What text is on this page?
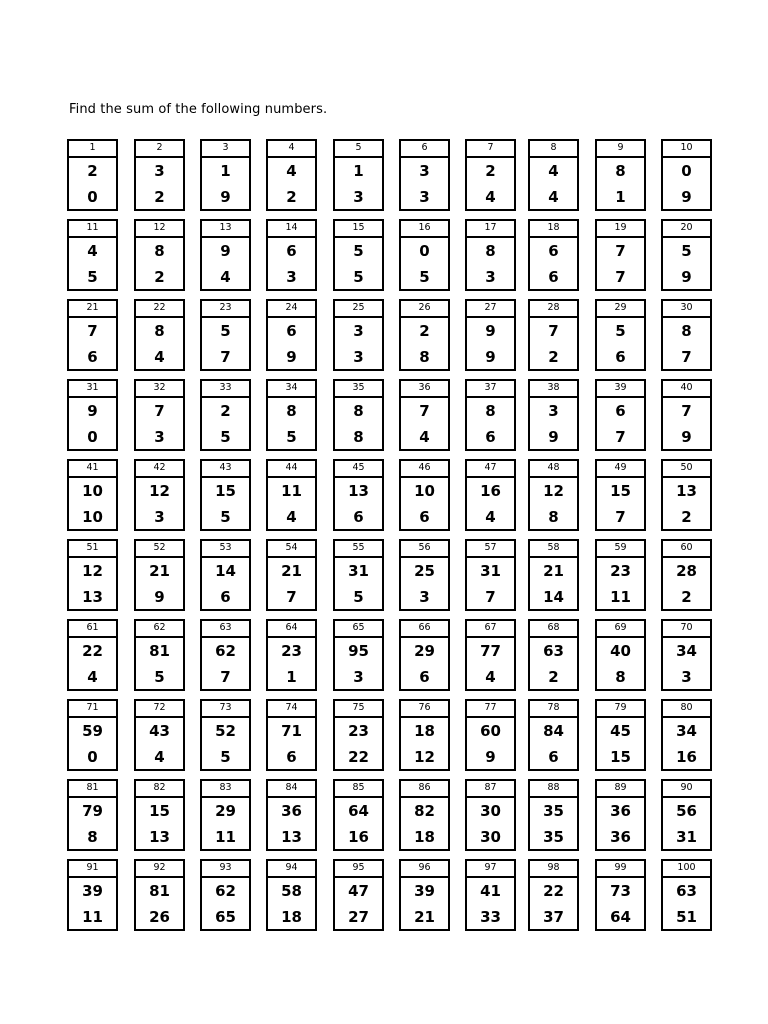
Find the sum of the following numbers.
1
2
0
2
3
2
3
1
9
4
4
2
5
1
3
6
3
3
7
2
4
8
4
4
9
8
1
10
0
9
11
4
5
12
8
2
13
9
4
14
6
3
15
5
5
16
0
5
17
8
3
18
6
6
19
7
7
20
5
9
21
7
6
22
8
4
23
5
7
24
6
9
25
3
3
26
2
8
27
9
9
28
7
2
29
5
6
30
8
7
31
9
0
32
7
3
33
2
5
34
8
5
35
8
8
36
7
4
37
8
6
38
3
9
39
6
7
40
7
9
41
10
10
42
12
3
43
15
5
44
11
4
45
13
6
46
10
6
47
16
4
48
12
8
49
15
7
50
13
2
51
12
13
52
21
9
53
14
6
54
21
7
55
31
5
56
25
3
57
31
7
58
21
14
59
23
11
60
28
2
61
22
4
62
81
5
63
62
7
64
23
1
65
95
3
66
29
6
67
77
4
68
63
2
69
40
8
70
34
3
71
59
0
72
43
4
73
52
5
74
71
6
75
23
22
76
18
12
77
60
9
78
84
6
79
45
15
80
34
16
81
79
8
82
15
13
83
29
11
84
36
13
85
64
16
86
82
18
87
30
30
88
35
35
89
36
36
90
56
31
91
39
11
92
81
26
93
62
65
94
58
18
95
47
27
96
39
21
97
41
33
98
22
37
99
73
64
100
63
51
